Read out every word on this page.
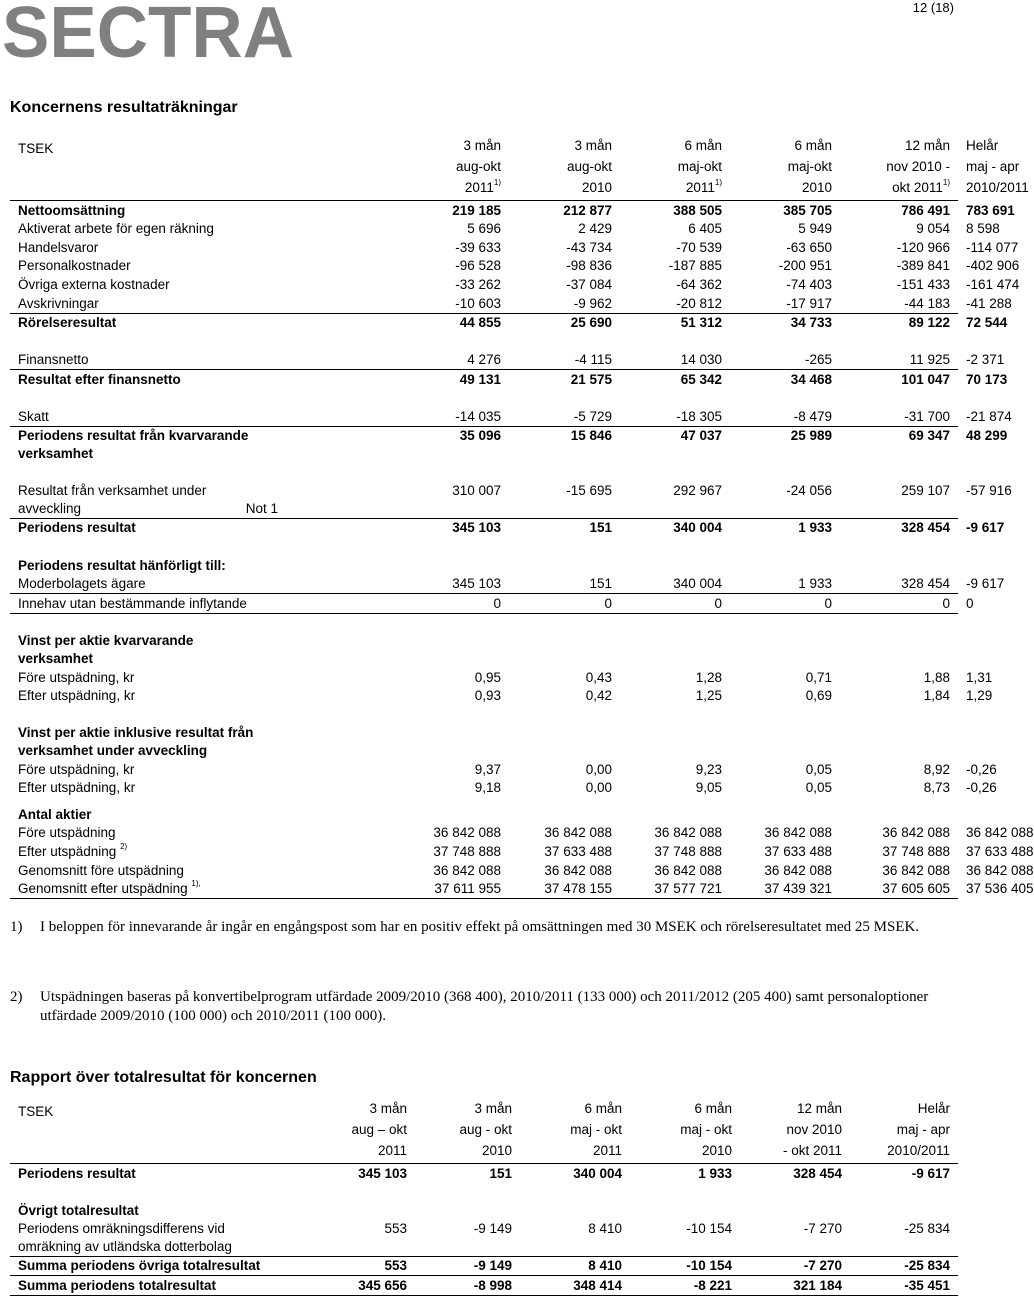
SECTRA	12 (18)
Koncernens resultaträkningar
TSEK		3 mån	3 mån	6 mån	6 mån	12 mån	Helår
		aug-okt	aug-okt	maj-okt	maj-okt	nov 2010 -	maj - apr
		2011$^{1)}$	2010	2011$^{1)}$	2010	okt 2011$^{1)}$	2010/2011
Nettoomsättning		219 185	212 877	388 505	385 705	786 491	783 691
Aktiverat arbete för egen räkning		5 696	2 429	6 405	5 949	9 054	8 598
Handelsvaror		-39 633	-43 734	-70 539	-63 650	-120 966	-114 077
Personalkostnader		-96 528	-98 836	-187 885	-200 951	-389 841	-402 906
Övriga externa kostnader		-33 262	-37 084	-64 362	-74 403	-151 433	-161 474
Avskrivningar		-10 603	-9 962	-20 812	-17 917	-44 183	-41 288
Rörelseresultat		44 855	25 690	51 312	34 733	89 122	72 544

Finansnetto		4 276	-4 115	14 030	-265	11 925	-2 371
Resultat efter finansnetto		49 131	21 575	65 342	34 468	101 047	70 173

Skatt		-14 035	-5 729	-18 305	-8 479	-31 700	-21 874
Periodens resultat från kvarvarande
verksamhet		35 096	15 846	47 037	25 989	69 347	48 299

Resultat från verksamhet under
avveckling Not 1		310 007	-15 695	292 967	-24 056	259 107	-57 916
Periodens resultat		345 103	151	340 004	1 933	328 454	-9 617

Periodens resultat hänförligt till:							
Moderbolagets ägare		345 103	151	340 004	1 933	328 454	-9 617
Innehav utan bestämmande inflytande		0	0	0	0	0	0

Vinst per aktie kvarvarande
verksamhet							
Före utspädning, kr		0,95	0,43	1,28	0,71	1,88	1,31
Efter utspädning, kr		0,93	0,42	1,25	0,69	1,84	1,29

Vinst per aktie inklusive resultat från
verksamhet under avveckling							
Före utspädning, kr		9,37	0,00	9,23	0,05	8,92	-0,26
Efter utspädning, kr		9,18	0,00	9,05	0,05	8,73	-0,26

Antal aktier							
Före utspädning		36 842 088	36 842 088	36 842 088	36 842 088	36 842 088	36 842 088
Efter utspädning $^{2)}$		37 748 888	37 633 488	37 748 888	37 633 488	37 748 888	37 633 488
Genomsnitt före utspädning		36 842 088	36 842 088	36 842 088	36 842 088	36 842 088	36 842 088
Genomsnitt efter utspädning $^{1),}$		37 611 955	37 478 155	37 577 721	37 439 321	37 605 605	37 536 405
1) I beloppen för innevarande år ingår en engångspost som har en positiv effekt på omsättningen med 30 MSEK och rörelseresultatet med 25 MSEK.
2) Utspädningen baseras på konvertibelprogram utfärdade 2009/2010 (368 400), 2010/2011 (133 000) och 2011/2012 (205 400) samt personaloptioner utfärdade 2009/2010 (100 000) och 2010/2011 (100 000).
Rapport över totalresultat för koncernen
TSEK	3 mån	3 mån	6 mån	6 mån	12 mån	Helår
	aug – okt	aug - okt	maj - okt	maj - okt	nov 2010	maj - apr
	2011	2010	2011	2010	- okt 2011	2010/2011
Periodens resultat	345 103	151	340 004	1 933	328 454	-9 617

Övrigt totalresultat						
Periodens omräkningsdifferens vid
omräkning av utländska dotterbolag	553	-9 149	8 410	-10 154	-7 270	-25 834
Summa periodens övriga totalresultat	553	-9 149	8 410	-10 154	-7 270	-25 834
Summa periodens totalresultat	345 656	-8 998	348 414	-8 221	321 184	-35 451
